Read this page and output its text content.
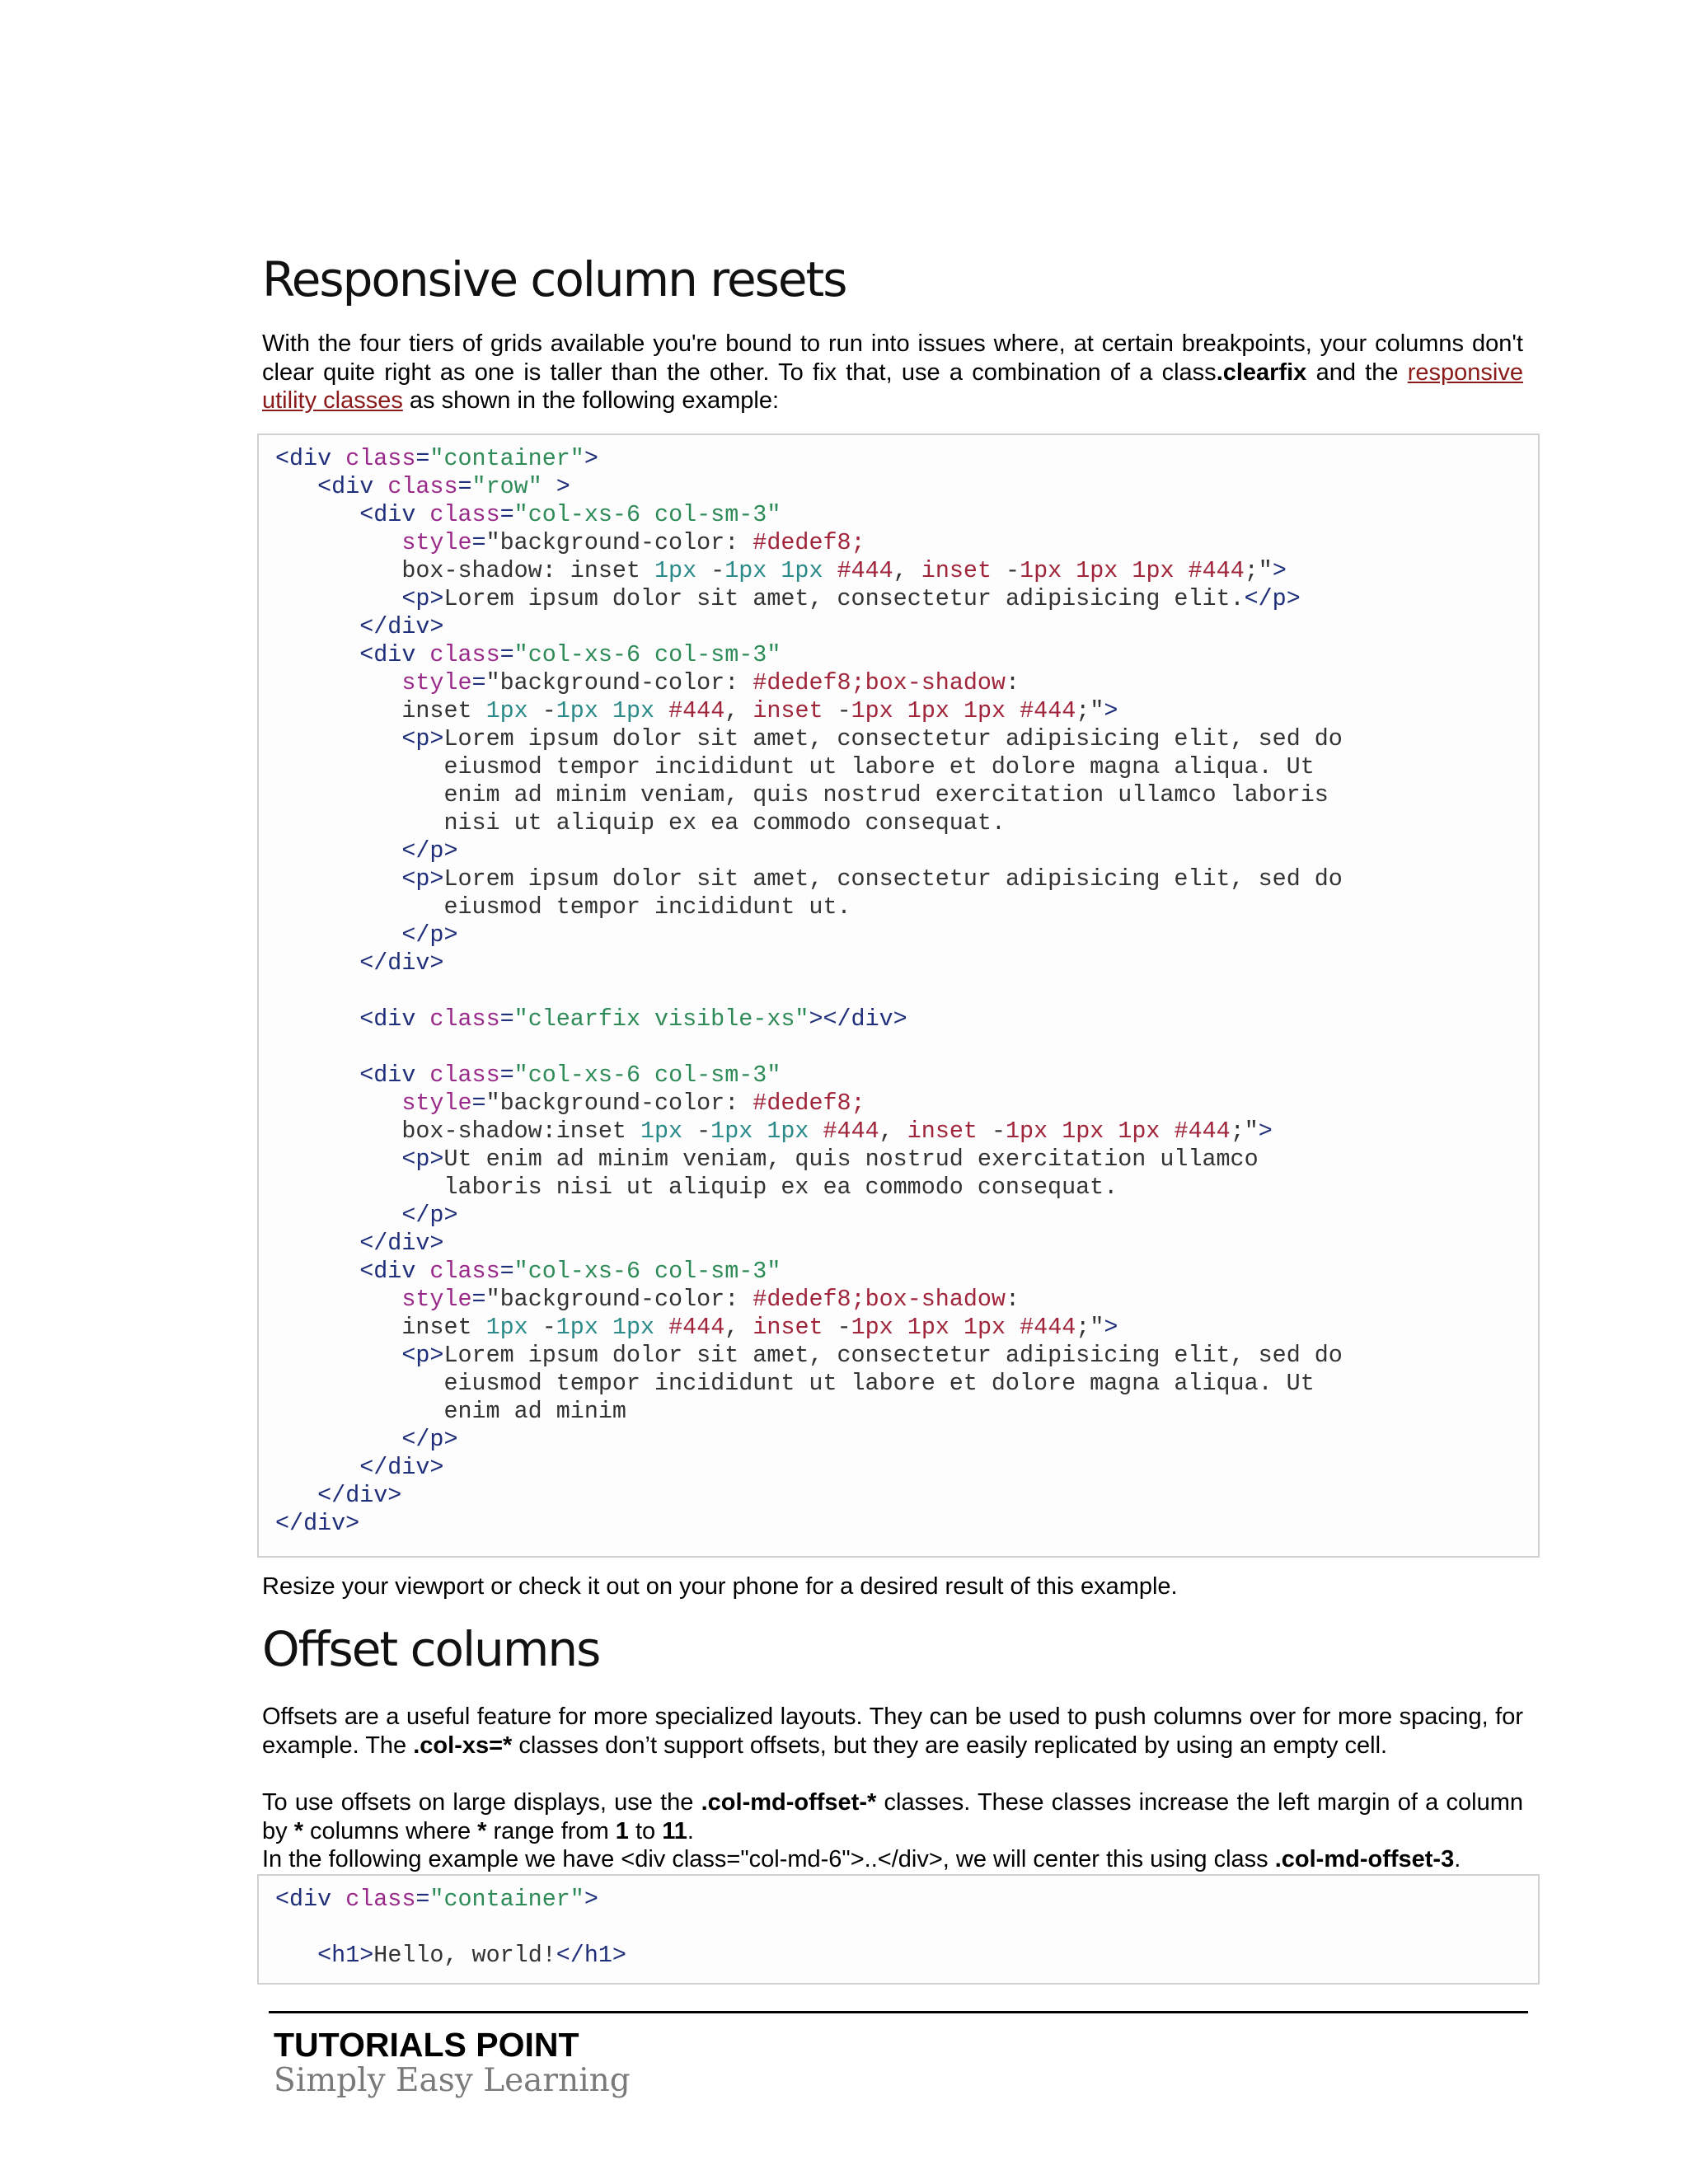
Responsive column resets

With the four tiers of grids available you're bound to run into issues where, at certain breakpoints, your columns don't clear quite right as one is taller than the other. To fix that, use a combination of a class.clearfix and the responsive utility classes as shown in the following example:

<div class="container">
<div class="row" >
<div class="col-xs-6 col-sm-3"
style="background-color: #dedef8;
box-shadow: inset 1px -1px 1px #444, inset -1px 1px 1px #444;">
<p>Lorem ipsum dolor sit amet, consectetur adipisicing elit.</p>
</div>
<div class="col-xs-6 col-sm-3"
style="background-color: #dedef8;box-shadow:
inset 1px -1px 1px #444, inset -1px 1px 1px #444;">
<p>Lorem ipsum dolor sit amet, consectetur adipisicing elit, sed do
eiusmod tempor incididunt ut labore et dolore magna aliqua. Ut
enim ad minim veniam, quis nostrud exercitation ullamco laboris
nisi ut aliquip ex ea commodo consequat.
</p>
<p>Lorem ipsum dolor sit amet, consectetur adipisicing elit, sed do
eiusmod tempor incididunt ut.
</p>
</div>
<div class="clearfix visible-xs"></div>
<div class="col-xs-6 col-sm-3"
style="background-color: #dedef8;
box-shadow:inset 1px -1px 1px #444, inset -1px 1px 1px #444;">
<p>Ut enim ad minim veniam, quis nostrud exercitation ullamco
laboris nisi ut aliquip ex ea commodo consequat.
</p>
</div>
<div class="col-xs-6 col-sm-3"
style="background-color: #dedef8;box-shadow:
inset 1px -1px 1px #444, inset -1px 1px 1px #444;">
<p>Lorem ipsum dolor sit amet, consectetur adipisicing elit, sed do
eiusmod tempor incididunt ut labore et dolore magna aliqua. Ut
enim ad minim
</p>
</div>
</div>
</div>

Resize your viewport or check it out on your phone for a desired result of this example.

Offset columns

Offsets are a useful feature for more specialized layouts. They can be used to push columns over for more spacing, for example. The .col-xs=* classes don’t support offsets, but they are easily replicated by using an empty cell.

To use offsets on large displays, use the .col-md-offset-* classes. These classes increase the left margin of a column by * columns where * range from 1 to 11.

In the following example we have <div class="col-md-6">..</div>, we will center this using class .col-md-offset-3.

<div class="container">
<h1>Hello, world!</h1>
TUTORIALS POINT
Simply Easy Learning
